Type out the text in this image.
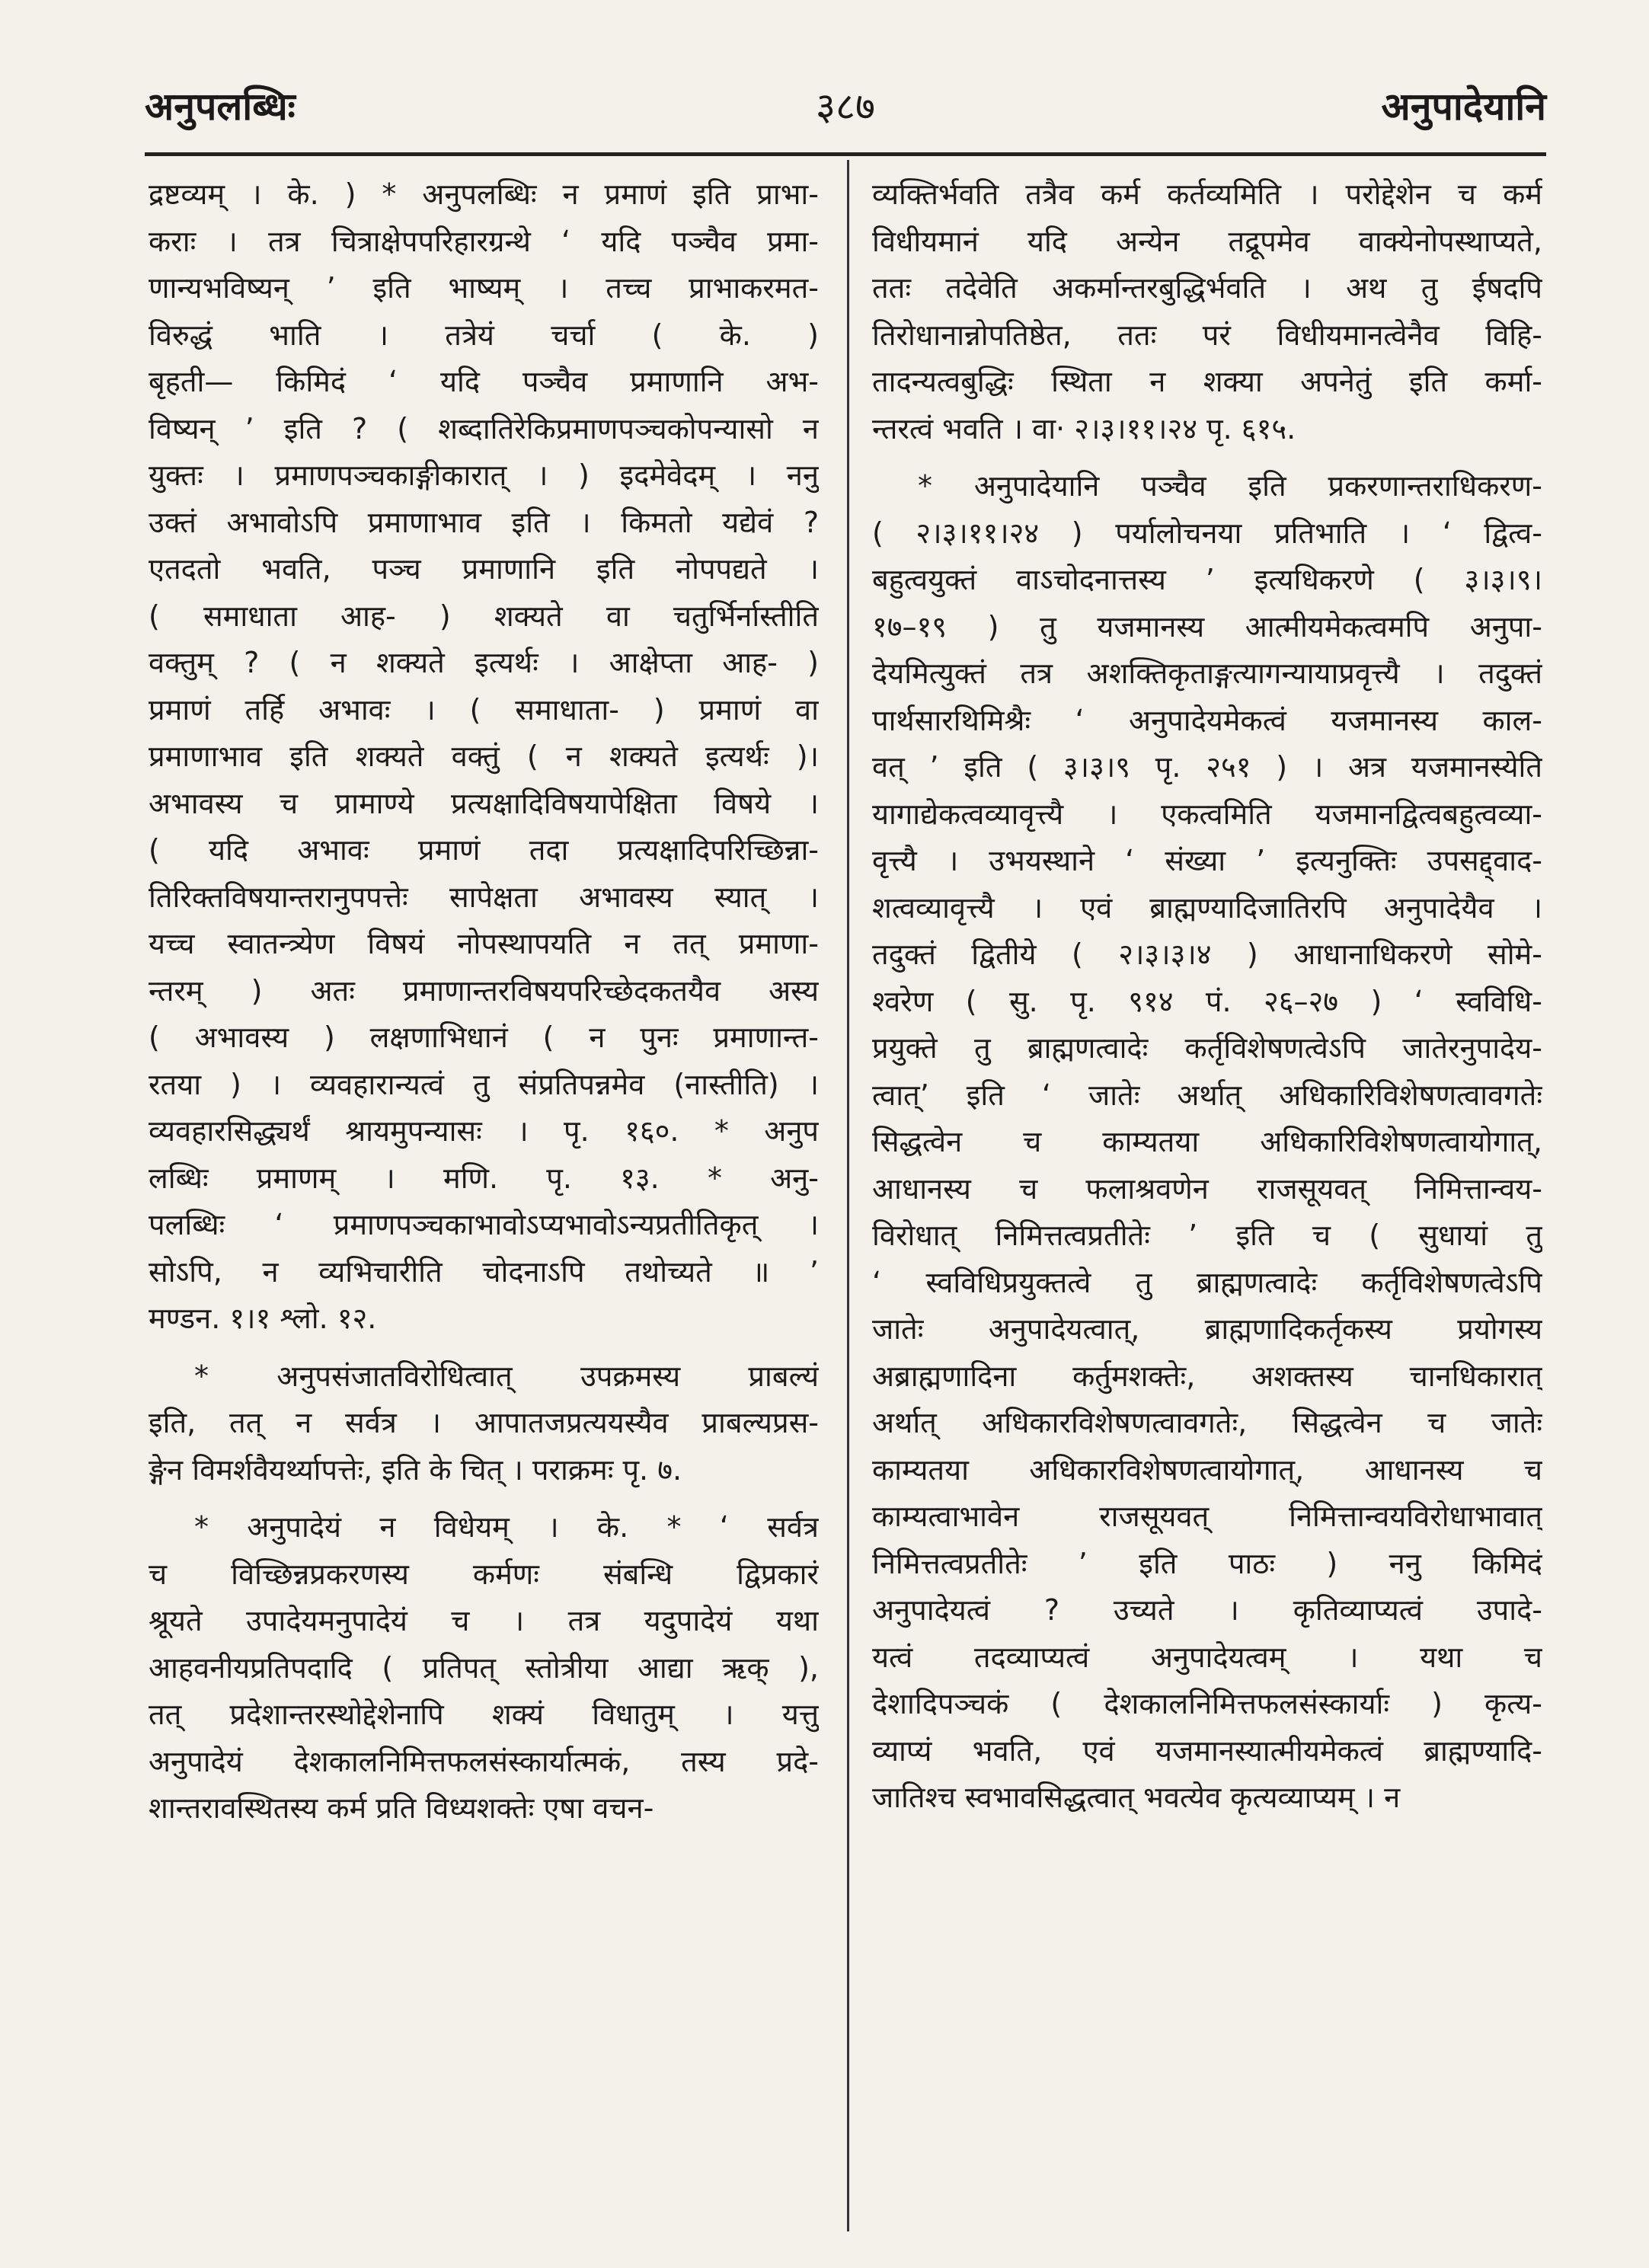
अनुपलब्धिः	३८७	अनुपादेयानि
द्रष्टव्यम् । के. ) * अनुपलब्धिः न प्रमाणं इति प्राभा-
कराः । तत्र चित्राक्षेपपरिहारग्रन्थे ‘ यदि पञ्चैव प्रमा-
णान्यभविष्यन् ’ इति भाष्यम् । तच्च प्राभाकरमत-
विरुद्धं भाति । तत्रेयं चर्चा ( के. )
बृहती— किमिदं ‘ यदि पञ्चैव प्रमाणानि अभ-
विष्यन् ’ इति ? ( शब्दातिरेकिप्रमाणपञ्चकोपन्यासो न
युक्तः । प्रमाणपञ्चकाङ्गीकारात् । ) इदमेवेदम् । ननु
उक्तं अभावोऽपि प्रमाणाभाव इति । किमतो यद्येवं ?
एतदतो भवति, पञ्च प्रमाणानि इति नोपपद्यते ।
( समाधाता आह- ) शक्यते वा चतुर्भिर्नास्तीति
वक्तुम् ? ( न शक्यते इत्यर्थः । आक्षेप्ता आह- )
प्रमाणं तर्हि अभावः । ( समाधाता- ) प्रमाणं वा
प्रमाणाभाव इति शक्यते वक्तुं ( न शक्यते इत्यर्थः )।
अभावस्य च प्रामाण्ये प्रत्यक्षादिविषयापेक्षिता विषये ।
( यदि अभावः प्रमाणं तदा प्रत्यक्षादिपरिच्छिन्ना-
तिरिक्तविषयान्तरानुपपत्तेः सापेक्षता अभावस्य स्यात् ।
यच्च स्वातन्त्र्येण विषयं नोपस्थापयति न तत् प्रमाणा-
न्तरम् ) अतः प्रमाणान्तरविषयपरिच्छेदकतयैव अस्य
( अभावस्य ) लक्षणाभिधानं ( न पुनः प्रमाणान्त-
रतया ) । व्यवहारान्यत्वं तु संप्रतिपन्नमेव (नास्तीति) ।
व्यवहारसिद्ध्यर्थं श्रायमुपन्यासः । पृ. १६०. * अनुप
लब्धिः प्रमाणम् । मणि. पृ. १३. * अनु-
पलब्धिः ‘ प्रमाणपञ्चकाभावोऽप्यभावोऽन्यप्रतीतिकृत् ।
सोऽपि, न व्यभिचारीति चोदनाऽपि तथोच्यते ॥ ’
मण्डन. १।१ श्लो. १२.
* अनुपसंजातविरोधित्वात् उपक्रमस्य प्राबल्यं
इति, तत् न सर्वत्र । आपातजप्रत्ययस्यैव प्राबल्यप्रस-
ङ्गेन विमर्शवैयर्थ्यापत्तेः, इति के चित् । पराक्रमः पृ. ७.
* अनुपादेयं न विधेयम् । के. * ‘ सर्वत्र
च विच्छिन्नप्रकरणस्य कर्मणः संबन्धि द्विप्रकारं
श्रूयते उपादेयमनुपादेयं च । तत्र यदुपादेयं यथा
आहवनीयप्रतिपदादि ( प्रतिपत् स्तोत्रीया आद्या ऋक् ),
तत् प्रदेशान्तरस्थोद्देशेनापि शक्यं विधातुम् । यत्तु
अनुपादेयं देशकालनिमित्तफलसंस्कार्यात्मकं, तस्य प्रदे-
शान्तरावस्थितस्य कर्म प्रति विध्यशक्तेः एषा वचन-
व्यक्तिर्भवति तत्रैव कर्म कर्तव्यमिति । परोद्देशेन च कर्म
विधीयमानं यदि अन्येन तद्रूपमेव वाक्येनोपस्थाप्यते,
ततः तदेवेति अकर्मान्तरबुद्धिर्भवति । अथ तु ईषदपि
तिरोधानान्नोपतिष्ठेत, ततः परं विधीयमानत्वेनैव विहि-
तादन्यत्वबुद्धिः स्थिता न शक्या अपनेतुं इति कर्मा-
न्तरत्वं भवति । वा· २।३।११।२४ पृ. ६१५.
* अनुपादेयानि पञ्चैव इति प्रकरणान्तराधिकरण-
( २।३।११।२४ ) पर्यालोचनया प्रतिभाति । ‘ द्वित्व-
बहुत्वयुक्तं वाऽचोदनात्तस्य ’ इत्यधिकरणे ( ३।३।९।
१७–१९ ) तु यजमानस्य आत्मीयमेकत्वमपि अनुपा-
देयमित्युक्तं तत्र अशक्तिकृताङ्गत्यागन्यायाप्रवृत्त्यै । तदुक्तं
पार्थसारथिमिश्रैः ‘ अनुपादेयमेकत्वं यजमानस्य काल-
वत् ’ इति ( ३।३।९ पृ. २५१ ) । अत्र यजमानस्येति
यागाद्येकत्वव्यावृत्त्यै । एकत्वमिति यजमानद्वित्वबहुत्वव्या-
वृत्त्यै । उभयस्थाने ‘ संख्या ’ इत्यनुक्तिः उपसद्द्वाद-
शत्वव्यावृत्त्यै । एवं ब्राह्मण्यादिजातिरपि अनुपादेयैव ।
तदुक्तं द्वितीये ( २।३।३।४ ) आधानाधिकरणे सोमे-
श्वरेण ( सु. पृ. ९१४ पं. २६–२७ ) ‘ स्वविधि-
प्रयुक्ते तु ब्राह्मणत्वादेः कर्तृविशेषणत्वेऽपि जातेरनुपादेय-
त्वात्’ इति ‘ जातेः अर्थात् अधिकारिविशेषणत्वावगतेः
सिद्धत्वेन च काम्यतया अधिकारिविशेषणत्वायोगात्,
आधानस्य च फलाश्रवणेन राजसूयवत् निमित्तान्वय-
विरोधात् निमित्तत्वप्रतीतेः ’ इति च ( सुधायां तु
‘ स्वविधिप्रयुक्तत्वे तु ब्राह्मणत्वादेः कर्तृविशेषणत्वेऽपि
जातेः अनुपादेयत्वात्, ब्राह्मणादिकर्तृकस्य प्रयोगस्य
अब्राह्मणादिना कर्तुमशक्तेः, अशक्तस्य चानधिकारात्
अर्थात् अधिकारविशेषणत्वावगतेः, सिद्धत्वेन च जातेः
काम्यतया अधिकारविशेषणत्वायोगात्, आधानस्य च
काम्यत्वाभावेन राजसूयवत् निमित्तान्वयविरोधाभावात्
निमित्तत्वप्रतीतेः ’ इति पाठः ) ननु किमिदं
अनुपादेयत्वं ? उच्यते । कृतिव्याप्यत्वं उपादे-
यत्वं तदव्याप्यत्वं अनुपादेयत्वम् । यथा च
देशादिपञ्चकं ( देशकालनिमित्तफलसंस्कार्याः ) कृत्य-
व्याप्यं भवति, एवं यजमानस्यात्मीयमेकत्वं ब्राह्मण्यादि-
जातिश्च स्वभावसिद्धत्वात् भवत्येव कृत्यव्याप्यम् । न
